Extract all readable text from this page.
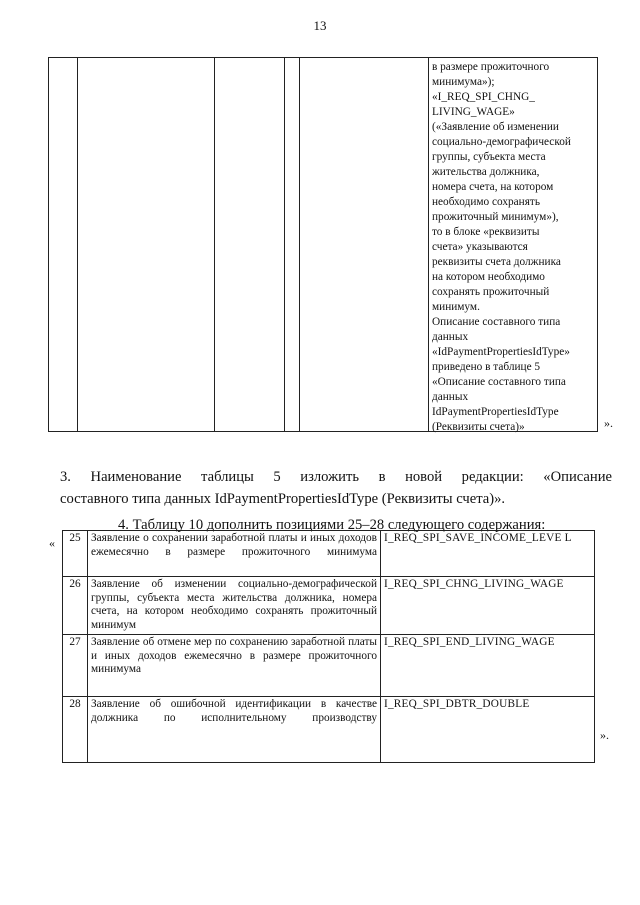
13
в размере прожиточного
минимума»);
«I_REQ_SPI_CHNG_
LIVING_WAGE»
(«Заявление об изменении
социально-демографической
группы, субъекта места
жительства должника,
номера счета, на котором
необходимо сохранять
прожиточный минимум»),
то в блоке «реквизиты
счета» указываются
реквизиты счета должника
на котором необходимо
сохранять прожиточный
минимум.
Описание составного типа
данных
«IdPaymentPropertiesIdType»
приведено в таблице 5
«Описание составного типа
данных
IdPaymentPropertiesIdType
(Реквизиты счета)»	».
3. Наименование таблицы 5 изложить в новой редакции: «Описание
составного типа данных IdPaymentPropertiesIdType (Реквизиты счета)».
4. Таблицу 10 дополнить позициями 25–28 следующего содержания:
« 25	Заявление о сохранении заработной платы и иных доходов ежемесячно в размере прожиточного минимума	I_REQ_SPI_SAVE_INCOME_LEVE L
26	Заявление об изменении социально-демографической группы, субъекта места жительства должника, номера счета, на котором необходимо сохранять прожиточный минимум	I_REQ_SPI_CHNG_LIVING_WAGE
27	Заявление об отмене мер по сохранению заработной платы и иных доходов ежемесячно в размере прожиточного минимума	I_REQ_SPI_END_LIVING_WAGE
28	Заявление об ошибочной идентификации в качестве должника по исполнительному производству	I_REQ_SPI_DBTR_DOUBLE
».
